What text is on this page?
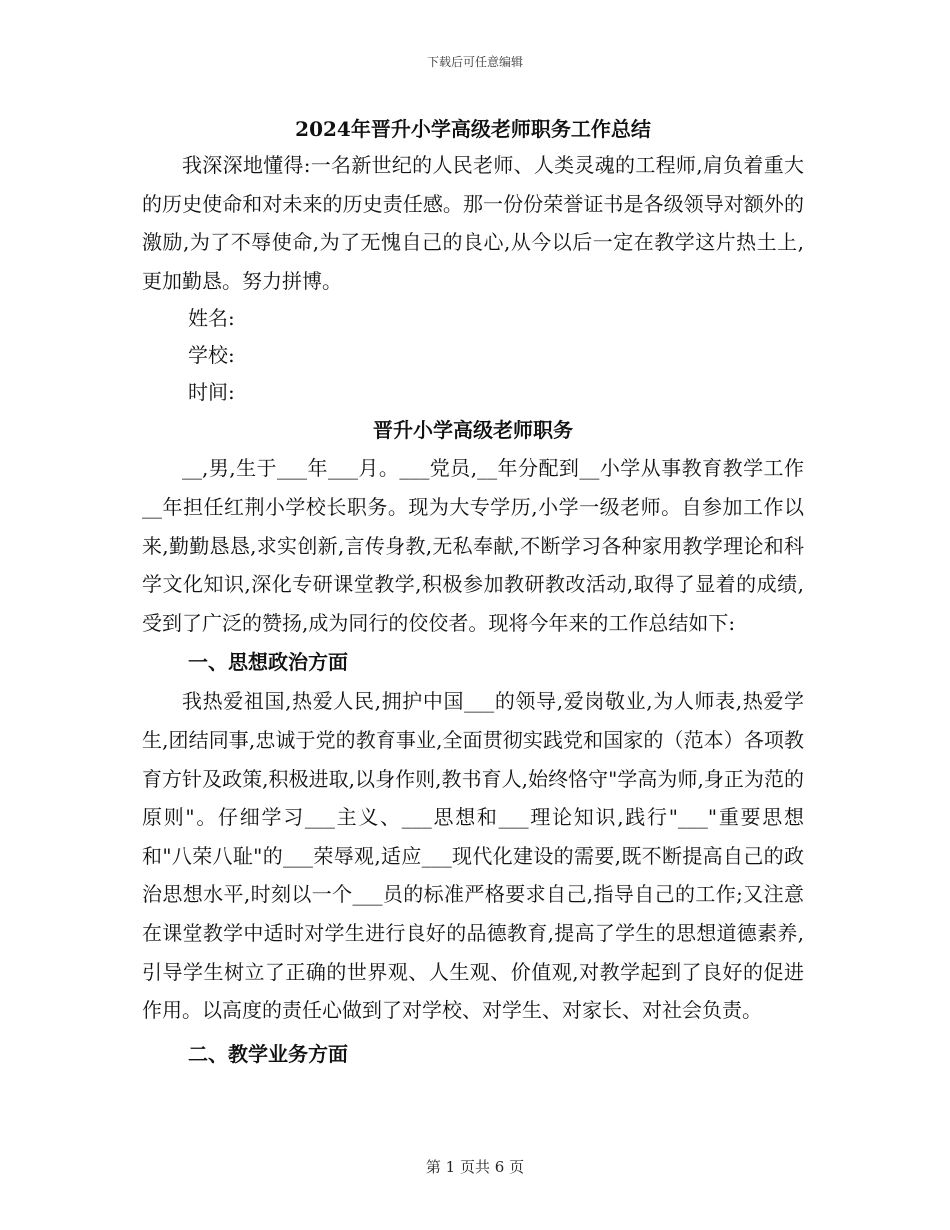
下载后可任意编辑
2024年晋升小学高级老师职务工作总结

我深深地懂得:一名新世纪的人民老师、人类灵魂的工程师,肩负着重大的历史使命和对未来的历史责任感。那一份份荣誉证书是各级领导对额外的激励,为了不辱使命,为了无愧自己的良心,从今以后一定在教学这片热土上,更加勤恳。努力拼博。

姓名:

学校:

时间:

晋升小学高级老师职务

__,男,生于___年___月。___党员,__年分配到__小学从事教育教学工作__年担任红荆小学校长职务。现为大专学历,小学一级老师。自参加工作以来,勤勤恳恳,求实创新,言传身教,无私奉献,不断学习各种家用教学理论和科学文化知识,深化专研课堂教学,积极参加教研教改活动,取得了显着的成绩,受到了广泛的赞扬,成为同行的佼佼者。现将今年来的工作总结如下:

一、思想政治方面

我热爱祖国,热爱人民,拥护中国___的领导,爱岗敬业,为人师表,热爱学生,团结同事,忠诚于党的教育事业,全面贯彻实践党和国家的（范本）各项教育方针及政策,积极进取,以身作则,教书育人,始终恪守"学高为师,身正为范的原则"。仔细学习___主义、___思想和___理论知识,践行"___"重要思想和"八荣八耻"的___荣辱观,适应___现代化建设的需要,既不断提高自己的政治思想水平,时刻以一个___员的标准严格要求自己,指导自己的工作;又注意在课堂教学中适时对学生进行良好的品德教育,提高了学生的思想道德素养,引导学生树立了正确的世界观、人生观、价值观,对教学起到了良好的促进作用。以高度的责任心做到了对学校、对学生、对家长、对社会负责。

二、教学业务方面
第 1 页共 6 页
